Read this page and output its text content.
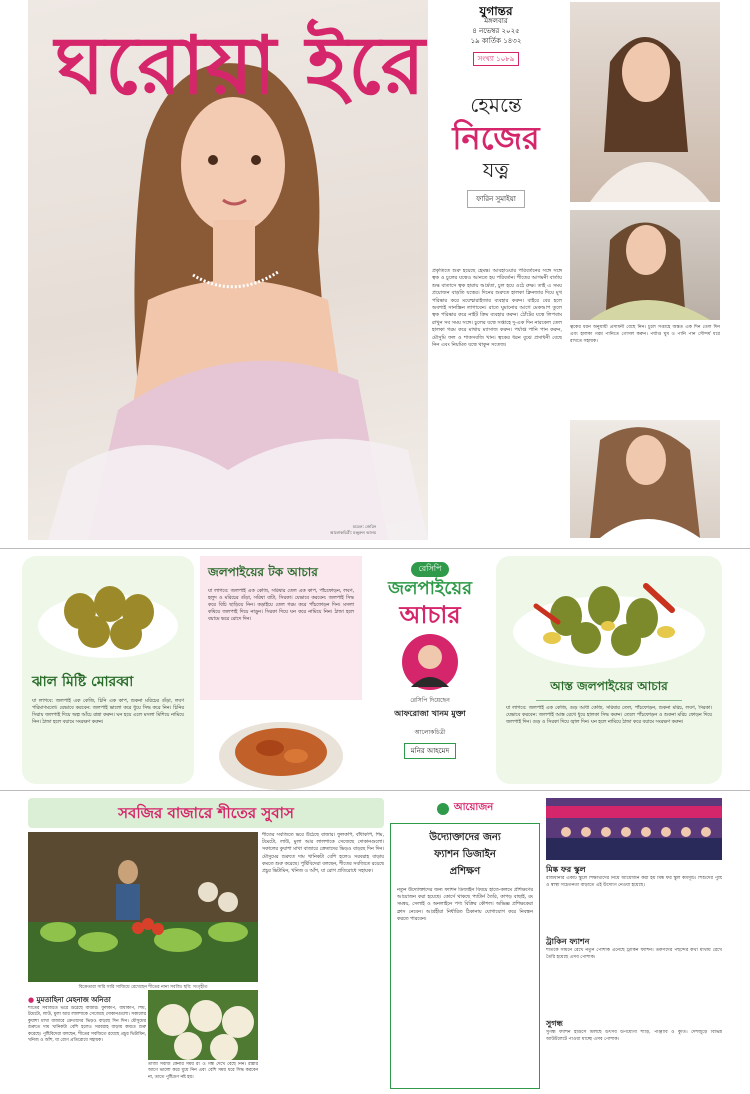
ঘরোয়া ইরে
মডেল: জেরিন
আলোকচিত্রী: মঞ্জুরুল আলম
যুগান্তর
মঙ্গলবার
৪ নভেম্বর ২০২৫
১৯ কার্তিক ১৪৩২
সংখ্যা ১০৮৯
হেমন্তে
নিজের
যত্ন
ফারিন সুমাইয়া
প্রকৃতিতে শুরু হয়েছে হেমন্ত। আবহাওয়ার পরিবর্তনের সঙ্গে সঙ্গে ত্বক ও চুলের যত্নেও আনতে হয় পরিবর্তন। শীতের আগমনী বার্তায় শুষ্ক বাতাসে ত্বক হারায় আর্দ্রতা, চুল হয়ে ওঠে রুক্ষ। তাই এ সময় প্রয়োজন বাড়তি যত্নের। দিনের শুরুতে হালকা ক্লিনজার দিয়ে মুখ পরিষ্কার করে ময়েশ্চারাইজার ব্যবহার করুন। বাইরে বের হলে অবশ্যই সানস্ক্রিন লাগাবেন। রাতে ঘুমানোর আগে মেকআপ তুলে ত্বক পরিষ্কার করে নাইট ক্রিম ব্যবহার করুন। ঠোঁটের যত্নে লিপবাম রাখুন সব সময় সঙ্গে। চুলের যত্নে সপ্তাহে দু-এক দিন নারকেল তেল হালকা গরম করে মাথায় ম্যাসাজ করুন। পর্যাপ্ত পানি পান করুন, মৌসুমি ফল ও শাকসবজি খান। ত্বকের ধরন বুঝে প্রসাধনী বেছে নিন এবং নিয়মিত যত্নে থাকুন সতেজ।
ত্বকের ধরন অনুযায়ী প্রসাধনী বেছে নিন। চুলে সপ্তাহে অন্তত এক দিন তেল দিন এবং হালকা গরম পানিতে গোসল করুন। পর্যাপ্ত ঘুম ও পানি পান সৌন্দর্য ধরে রাখতে সহায়ক।
ঝাল মিষ্টি মোরব্বা
যা লাগবে: জলপাই এক কেজি, চিনি এক কাপ, শুকনা মরিচের গুঁড়া, লবণ পরিমাণমতো। যেভাবে করবেন: জলপাই ভালো করে ধুয়ে সিদ্ধ করে নিন। চিনির সিরায় জলপাই দিয়ে অল্প আঁচে রান্না করুন। ঘন হয়ে এলে মসলা মিশিয়ে নামিয়ে নিন। ঠান্ডা হলে বয়ামে সংরক্ষণ করুন।
জলপাইয়ের টক আচার
যা লাগবে: জলপাই এক কেজি, সরিষার তেল এক কাপ, পাঁচফোড়ন, লবণ, হলুদ ও মরিচের গুঁড়া, সরিষা বাটা, সিরকা। যেভাবে করবেন: জলপাই সিদ্ধ করে বিচি ছাড়িয়ে নিন। কড়াইয়ে তেল গরম করে পাঁচফোড়ন দিন। মসলা কষিয়ে জলপাই দিয়ে নাড়ুন। সিরকা দিয়ে ঘন করে নামিয়ে নিন। ঠান্ডা হলে বয়ামে ভরে রোদে দিন।
রেসিপি
জলপাইয়ের
আচার
রেসিপি দিয়েছেন
আফরোজা খানম মুক্তা
আলোকচিত্রী
মনির আহমেদ
আস্ত জলপাইয়ের আচার
যা লাগবে: জলপাই এক কেজি, গুড় আধা কেজি, সরিষার তেল, পাঁচফোড়ন, শুকনা মরিচ, লবণ, সিরকা। যেভাবে করবেন: জলপাই আস্ত রেখে ধুয়ে হালকা সিদ্ধ করুন। তেলে পাঁচফোড়ন ও শুকনা মরিচ ফোড়ন দিয়ে জলপাই দিন। গুড় ও সিরকা দিয়ে জ্বাল দিন। ঘন হলে নামিয়ে ঠান্ডা করে বয়ামে সংরক্ষণ করুন।
সবজির বাজারে শীতের সুবাস
বিক্রেতারা সারি সারি সাজিয়ে রেখেছেন শীতের নানা সবজি। ছবি: সংগৃহীত
● মুমতাহিনা মেহনাজ অনিতা
শীতের সবজিতে ভরে উঠেছে বাজার। ফুলকপি, বাঁধাকপি, শিম, টমেটো, লাউ, মুলা আর লালশাকে সেজেছে দোকানগুলো। সকালের কুয়াশা মাখা বাজারে ক্রেতাদের ভিড়ও বাড়ছে দিন দিন। মৌসুমের শুরুতে দাম খানিকটা বেশি হলেও সরবরাহ বাড়ায় কমতে শুরু করেছে। পুষ্টিবিদেরা বলছেন, শীতের সবজিতে রয়েছে প্রচুর ভিটামিন, খনিজ ও আঁশ, যা রোগ প্রতিরোধে সহায়ক।
তাজা সবজি কেনার সময় রং ও গন্ধ দেখে বেছে নিন। রান্নার আগে ভালো করে ধুয়ে নিন এবং বেশি সময় ধরে সিদ্ধ করবেন না, তাতে পুষ্টিগুণ নষ্ট হয়।
শীতের সবজিতে ভরে উঠেছে বাজার। ফুলকপি, বাঁধাকপি, শিম, টমেটো, লাউ, মুলা আর লালশাকে সেজেছে দোকানগুলো। সকালের কুয়াশা মাখা বাজারে ক্রেতাদের ভিড়ও বাড়ছে দিন দিন। মৌসুমের শুরুতে দাম খানিকটা বেশি হলেও সরবরাহ বাড়ায় কমতে শুরু করেছে। পুষ্টিবিদেরা বলছেন, শীতের সবজিতে রয়েছে প্রচুর ভিটামিন, খনিজ ও আঁশ, যা রোগ প্রতিরোধে সহায়ক।
আয়োজন
উদ্যোক্তাদের জন্য
ফ্যাশন ডিজাইন
প্রশিক্ষণ
নতুন উদ্যোক্তাদের জন্য ফ্যাশন ডিজাইন বিষয়ে হাতে-কলমে প্রশিক্ষণের আয়োজন করা হয়েছে। কোর্সে থাকছে প্যাটার্ন তৈরি, কাপড় বাছাই, রং সমন্বয়, সেলাই ও অনলাইনে পণ্য বিক্রির কৌশল। অভিজ্ঞ প্রশিক্ষকেরা ক্লাস নেবেন। আগ্রহীরা নির্ধারিত ঠিকানায় যোগাযোগ করে নিবন্ধন করতে পারবেন।
মিষ্ক ফর স্কুল
রাজধানীর একটি স্কুলে শিক্ষার্থীদের নিয়ে আয়োজন করা হয় মিষ্ক ফর স্কুল কর্মসূচি। শিশুদের পুষ্টি ও স্বাস্থ্য সচেতনতা বাড়াতে এই উদ্যোগ নেওয়া হয়েছে।
ট্রাকিন ফ্যাশন
শীতকে সামনে রেখে নতুন পোশাক এনেছে ট্রাকিন ফ্যাশন। তরুণদের পছন্দের কথা মাথায় রেখে তৈরি হয়েছে এসব পোশাক।
সুগন্ধ
সুগন্ধ ফ্যাশন হাউসে মিলছে উৎসব উপযোগী শাড়ি, পাঞ্জাবি ও কুর্তি। দেশজুড়ে বিভিন্ন আউটলেটে পাওয়া যাচ্ছে এসব পোশাক।
